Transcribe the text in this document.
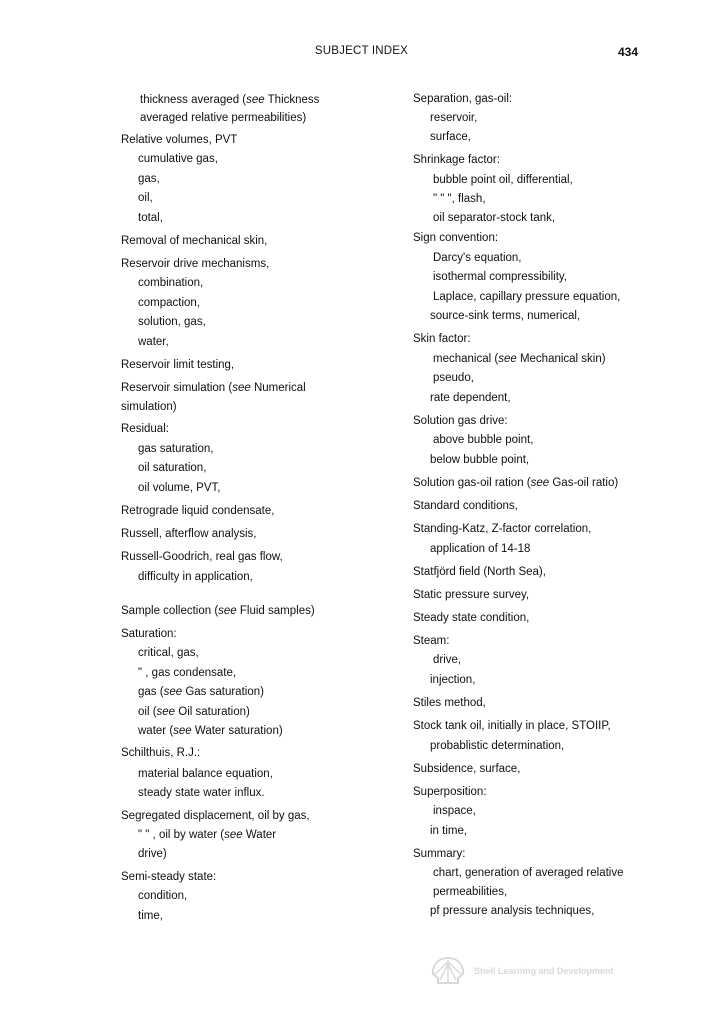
SUBJECT INDEX	434
thickness averaged (see Thickness
averaged relative permeabilities)
Relative volumes, PVT
cumulative gas,
gas,
oil,
total,
Removal of mechanical skin,
Reservoir drive mechanisms,
combination,
compaction,
solution, gas,
water,
Reservoir limit testing,
Reservoir simulation (see Numerical
simulation)
Residual:
gas saturation,
oil saturation,
oil volume, PVT,
Retrograde liquid condensate,
Russell, afterflow analysis,
Russell-Goodrich, real gas flow,
difficulty in application,
Sample collection (see Fluid samples)
Saturation:
critical, gas,
" , gas condensate,
gas (see Gas saturation)
oil (see Oil saturation)
water (see Water saturation)
Schilthuis, R.J.:
material balance equation,
steady state water influx.
Segregated displacement, oil by gas,
" " , oil by water (see Water
drive)
Semi-steady state:
condition,
time,
Separation, gas-oil:
reservoir,
surface,
Shrinkage factor:
bubble point oil, differential,
" " ", flash,
oil separator-stock tank,
Sign convention:
Darcy's equation,
isothermal compressibility,
Laplace, capillary pressure equation,
source-sink terms, numerical,
Skin factor:
mechanical (see Mechanical skin)
pseudo,
rate dependent,
Solution gas drive:
above bubble point,
below bubble point,
Solution gas-oil ration (see Gas-oil ratio)
Standard conditions,
Standing-Katz, Z-factor correlation,
application of 14-18
Statfjörd field (North Sea),
Static pressure survey,
Steady state condition,
Steam:
drive,
injection,
Stiles method,
Stock tank oil, initially in place, STOIIP,
probablistic determination,
Subsidence, surface,
Superposition:
inspace,
in time,
Summary:
chart, generation of averaged relative
permeabilities,
pf pressure analysis techniques,
Shell Learning and Development
